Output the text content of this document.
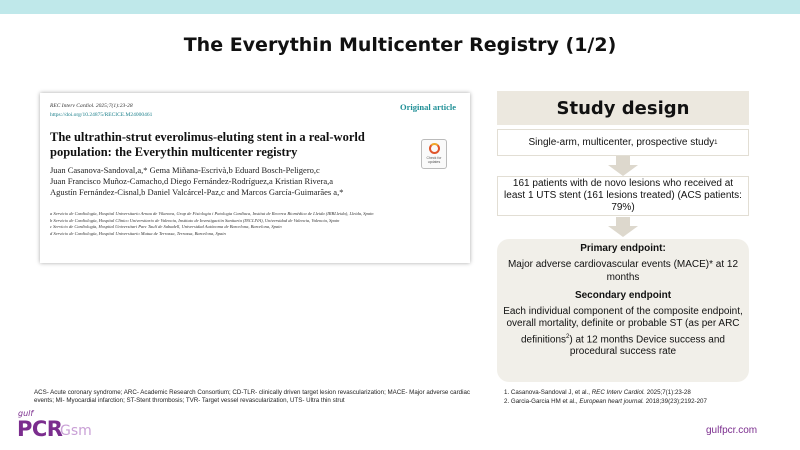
The Everythin Multicenter Registry (1/2)
REC Interv Cardiol. 2025;7(1):23-28
https://doi.org/10.24875/RECICE.M24000461
Original article
The ultrathin-strut everolimus-eluting stent in a real-world population: the Everythin multicenter registry	Check for updates
Juan Casanova-Sandoval,a,* Gema Miñana-Escrivà,b Eduard Bosch-Peligero,c
Juan Francisco Muñoz-Camacho,d Diego Fernández-Rodríguez,a Kristian Rivera,a
Agustín Fernández-Cisnal,b Daniel Valcárcel-Paz,c and Marcos García-Guimarães a,*
a Servicio de Cardiología, Hospital Universitario Arnau de Vilanova, Grup de Fisiologia i Patologia Cardíaca, Institut de Recerca Biomèdica de Lleida (IRBLleida), Lleida, Spain
b Servicio de Cardiología, Hospital Clínico Universitario de Valencia, Instituto de Investigación Sanitaria (INCLIVA), Universidad de Valencia, Valencia, Spain
c Servicio de Cardiología, Hospital Universitari Parc Taulí de Sabadell, Universidad Autónoma de Barcelona, Barcelona, Spain
d Servicio de Cardiología, Hospital Universitario Mutua de Terrassa, Terrassa, Barcelona, Spain
Study design
Single-arm, multicenter, prospective study 1
161 patients with de novo lesions who received at least 1 UTS stent (161 lesions treated) (ACS patients: 79%)
Primary endpoint:
Major adverse cardiovascular events (MACE)* at 12 months
Secondary endpoint
Each individual component of the composite endpoint, overall mortality, definite or probable ST (as per ARC definitions$^2$) at 12 months Device success and procedural success rate
ACS- Acute coronary syndrome; ARC- Academic Research Consortium; CD-TLR- clinically driven target lesion revascularization; MACE- Major adverse cardiac events; MI- Myocardial infarction; ST-Stent thrombosis; TVR- Target vessel revascularization, UTS- Ultra thin strut
1. Casanova-Sandoval J, et al., REC Interv Cardiol. 2025;7(1):23-28
2. Garcia-Garcia HM et al., European heart journal. 2018;39(23);2192-207
gulf
PCR
Gsm	gulfpcr.com
